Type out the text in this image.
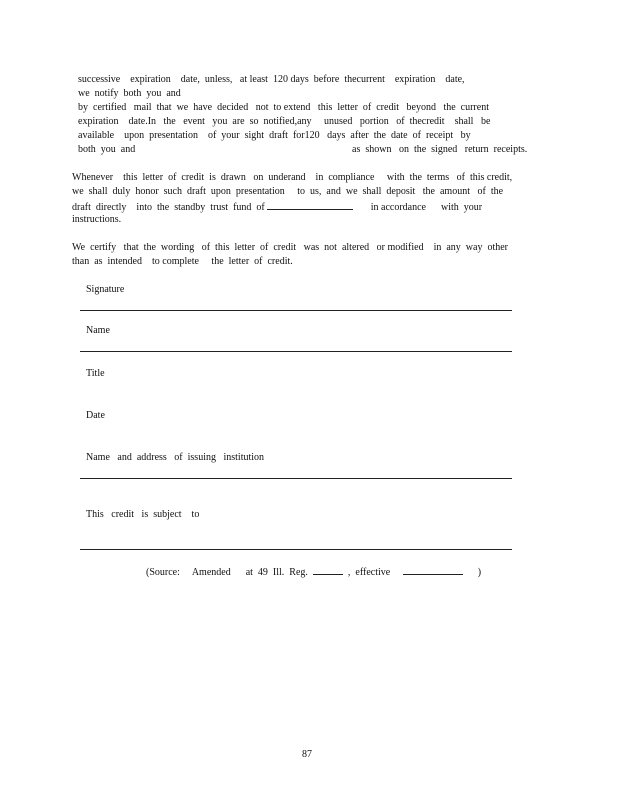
successive    expiration    date,  unless,   at least  120 days  before  thecurrent    expiration    date,
we  notify  both  you  and
by  certified   mail  that  we  have  decided   not  to extend   this  letter  of  credit   beyond   the  current
expiration    date.In   the   event   you  are  so  notified,any     unused   portion   of  thecredit    shall   be
available    upon  presentation    of  your  sight  draft  for120   days  after  the  date  of  receipt   by
both  you  and	as  shown   on  the  signed   return  receipts.
Whenever    this  letter  of  credit  is  drawn   on  underand    in  compliance     with  the  terms   of  this credit,
we  shall  duly  honor  such  draft  upon  presentation     to  us,  and  we  shall  deposit   the  amount   of  the
draft  directly    into  the  standby  trust  fund  of	in accordance      with  your
instructions.
We  certify   that  the  wording   of  this  letter  of  credit   was  not  altered   or modified    in  any  way  other
than  as  intended    to complete     the  letter  of  credit.
Signature
Name
Title
Date
Name   and  address   of  issuing   institution
This   credit   is  subject    to
(Source:     Amended      at  49  Ill.  Reg.	,  effective	)
87
